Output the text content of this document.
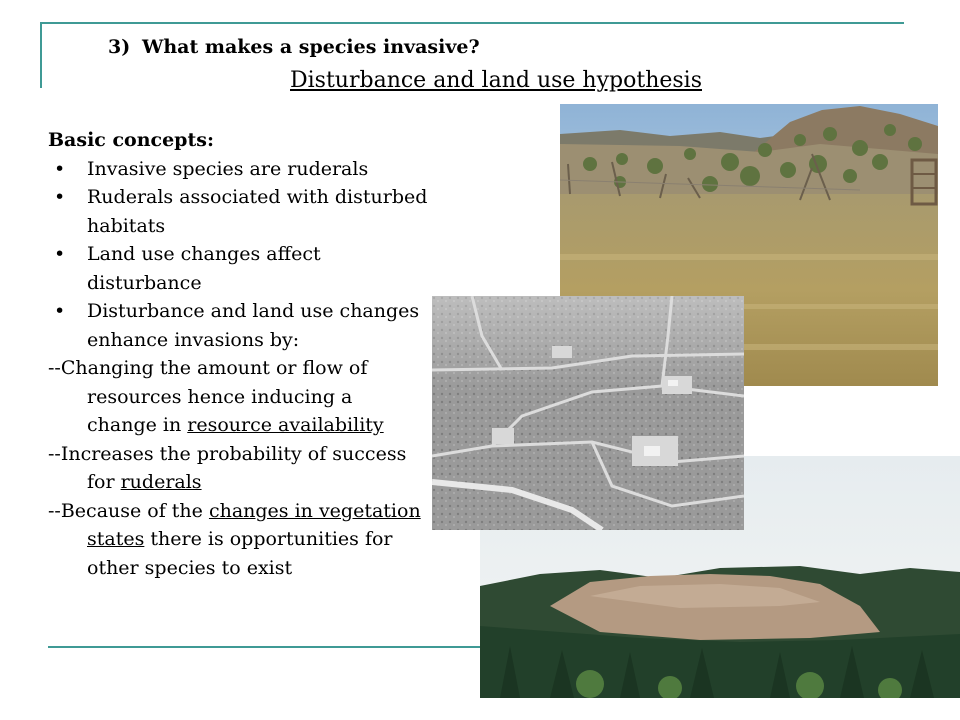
3) What makes a species invasive?
Disturbance and land use hypothesis
Basic concepts:
• Invasive species are ruderals
• Ruderals associated with disturbed habitats
• Land use changes affect disturbance
• Disturbance and land use changes enhance invasions by:
--Changing the amount or flow of resources hence inducing a change in resource availability
--Increases the probability of success for ruderals
--Because of the changes in vegetation states there is opportunities for other species to exist
